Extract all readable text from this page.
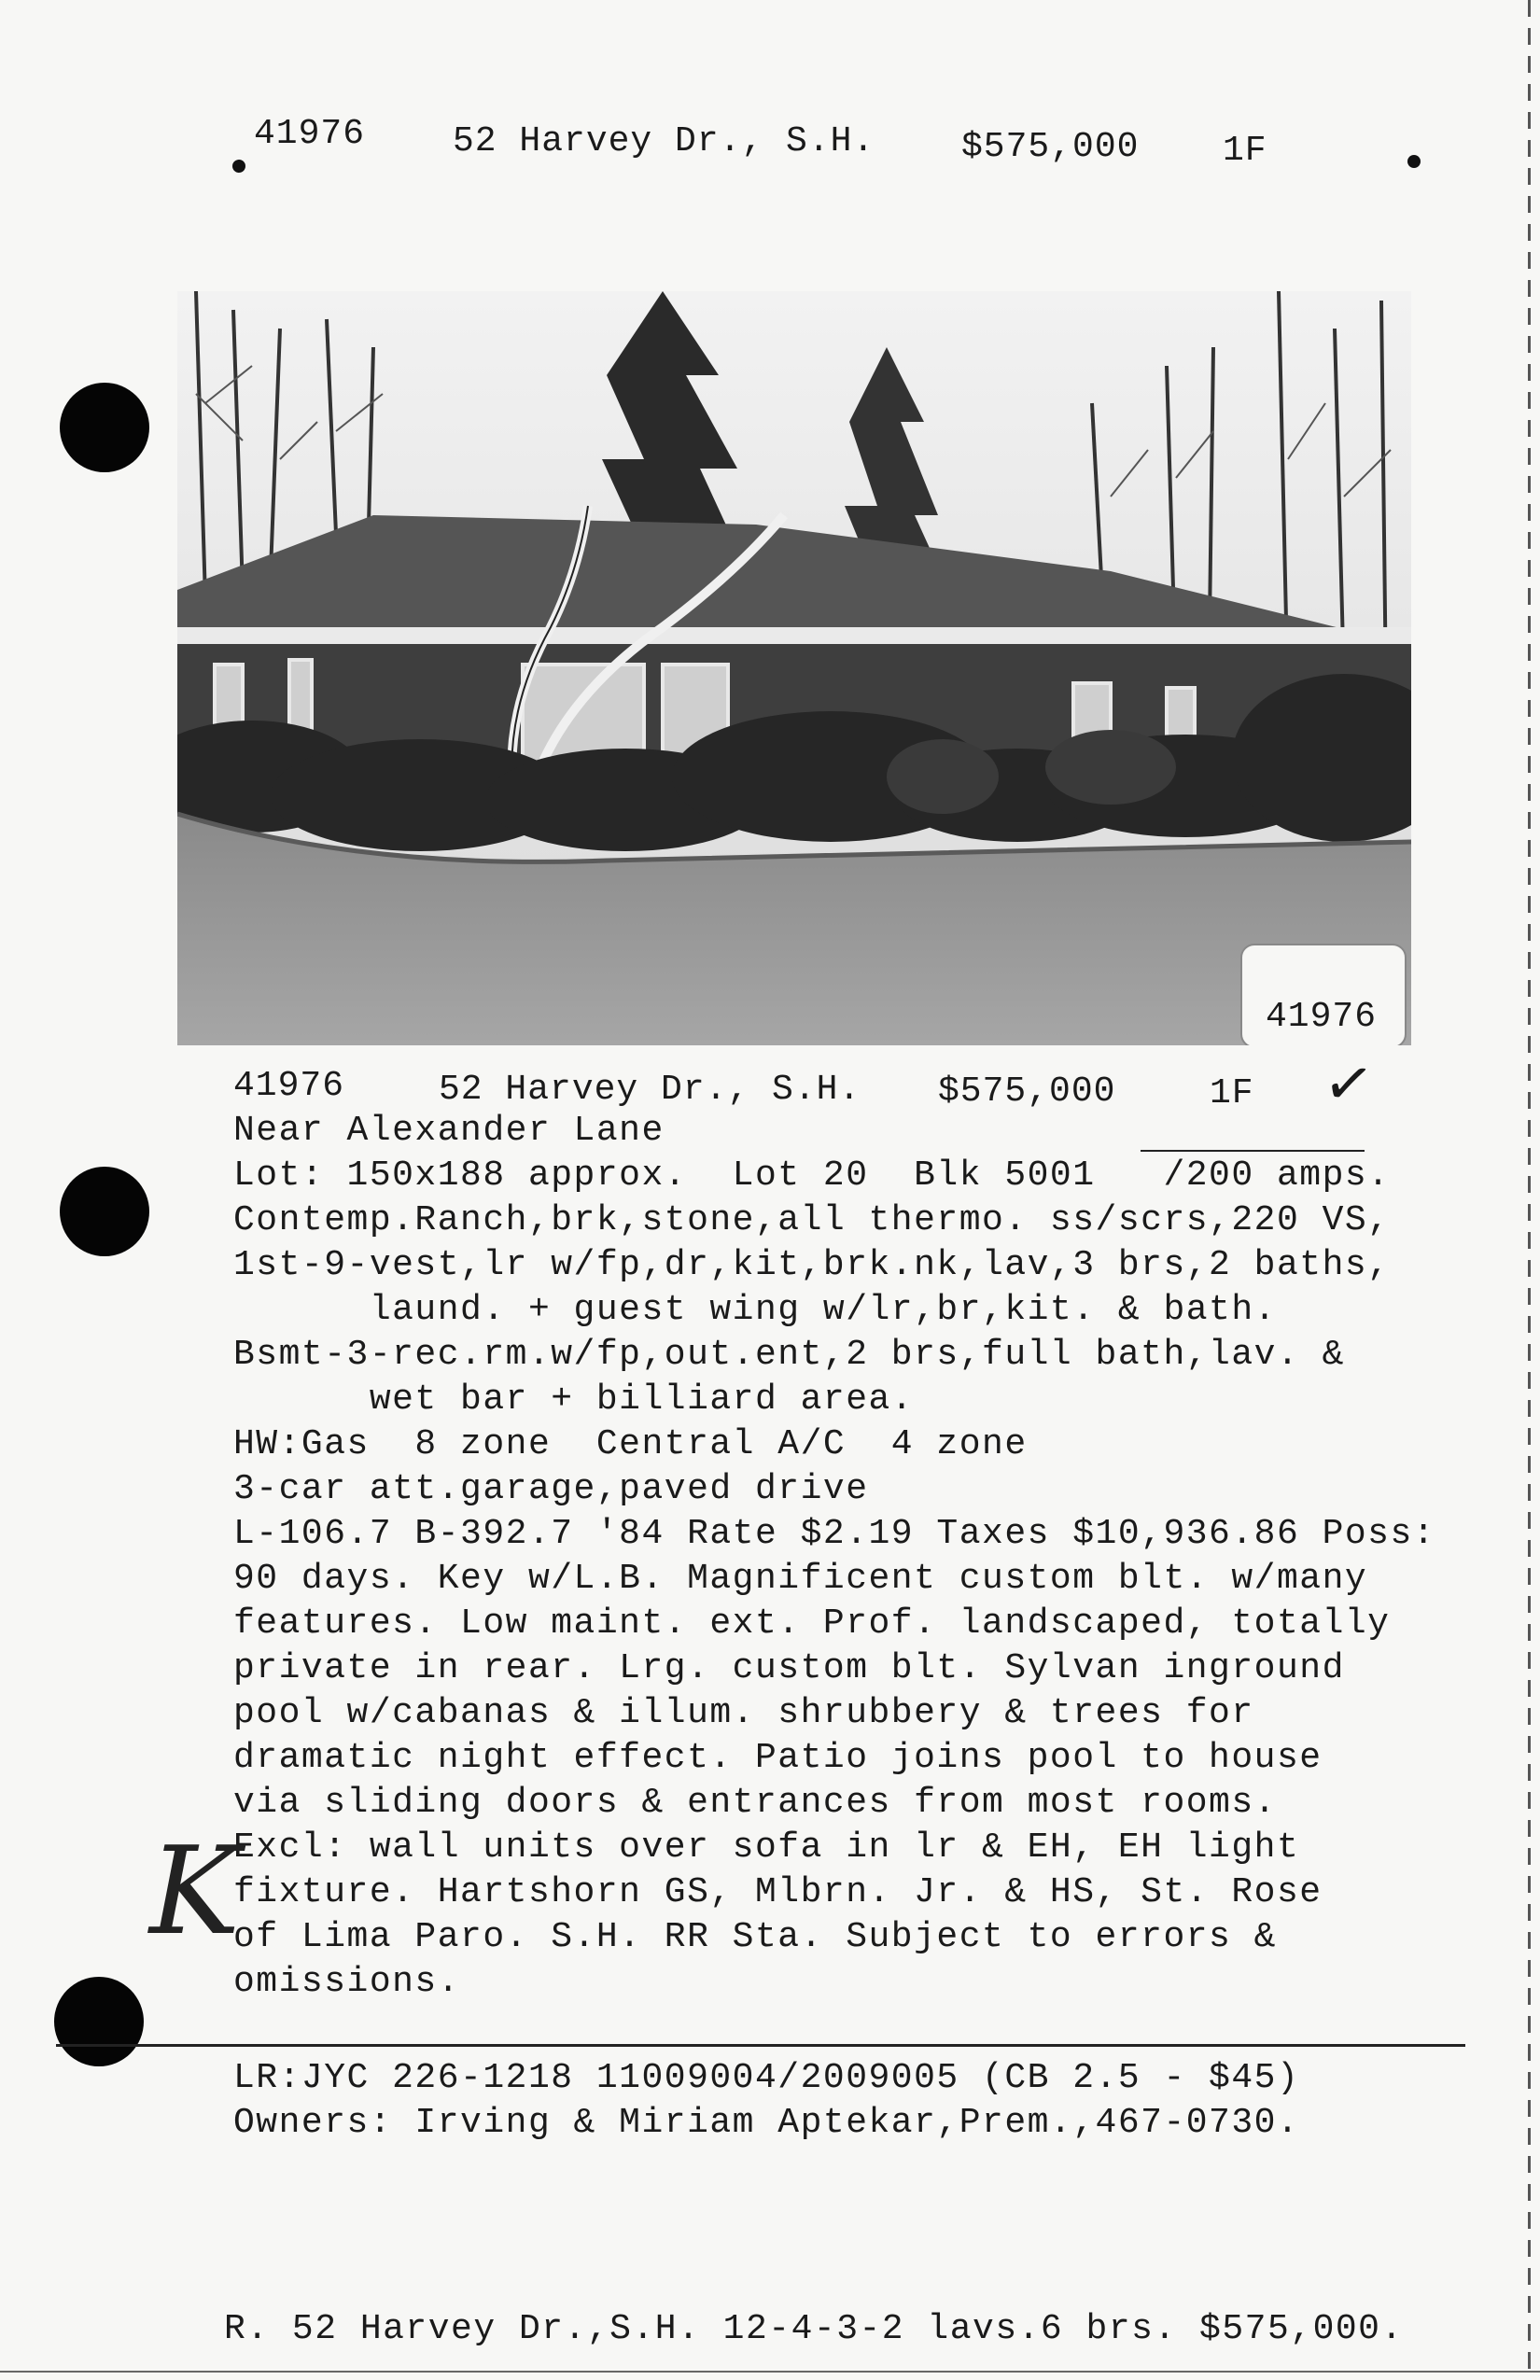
41976 52 Harvey Dr., S.H. $575,000 1F
41976
41976	52 Harvey Dr., S.H. $575,000	1F ✓
Near Alexander Lane
Lot: 150x188 approx.  Lot 20  Blk 5001   /200 amps.
Contemp.Ranch,brk,stone,all thermo. ss/scrs,220 VS,
1st-9-vest,lr w/fp,dr,kit,brk.nk,lav,3 brs,2 baths,
laund. + guest wing w/lr,br,kit. & bath.
Bsmt-3-rec.rm.w/fp,out.ent,2 brs,full bath,lav. &
wet bar + billiard area.
HW:Gas  8 zone  Central A/C  4 zone
3-car att.garage,paved drive
L-106.7 B-392.7 '84 Rate $2.19 Taxes $10,936.86 Poss:
90 days. Key w/L.B. Magnificent custom blt. w/many
features. Low maint. ext. Prof. landscaped, totally
private in rear. Lrg. custom blt. Sylvan inground
pool w/cabanas & illum. shrubbery & trees for
dramatic night effect. Patio joins pool to house
via sliding doors & entrances from most rooms.
Excl: wall units over sofa in lr & EH, EH light
fixture. Hartshorn GS, Mlbrn. Jr. & HS, St. Rose
of Lima Paro. S.H. RR Sta. Subject to errors &
omissions.
K
LR:JYC 226-1218 11009004/2009005 (CB 2.5 - $45)
Owners: Irving & Miriam Aptekar,Prem.,467-0730.
R. 52 Harvey Dr.,S.H. 12-4-3-2 lavs.6 brs. $575,000.
